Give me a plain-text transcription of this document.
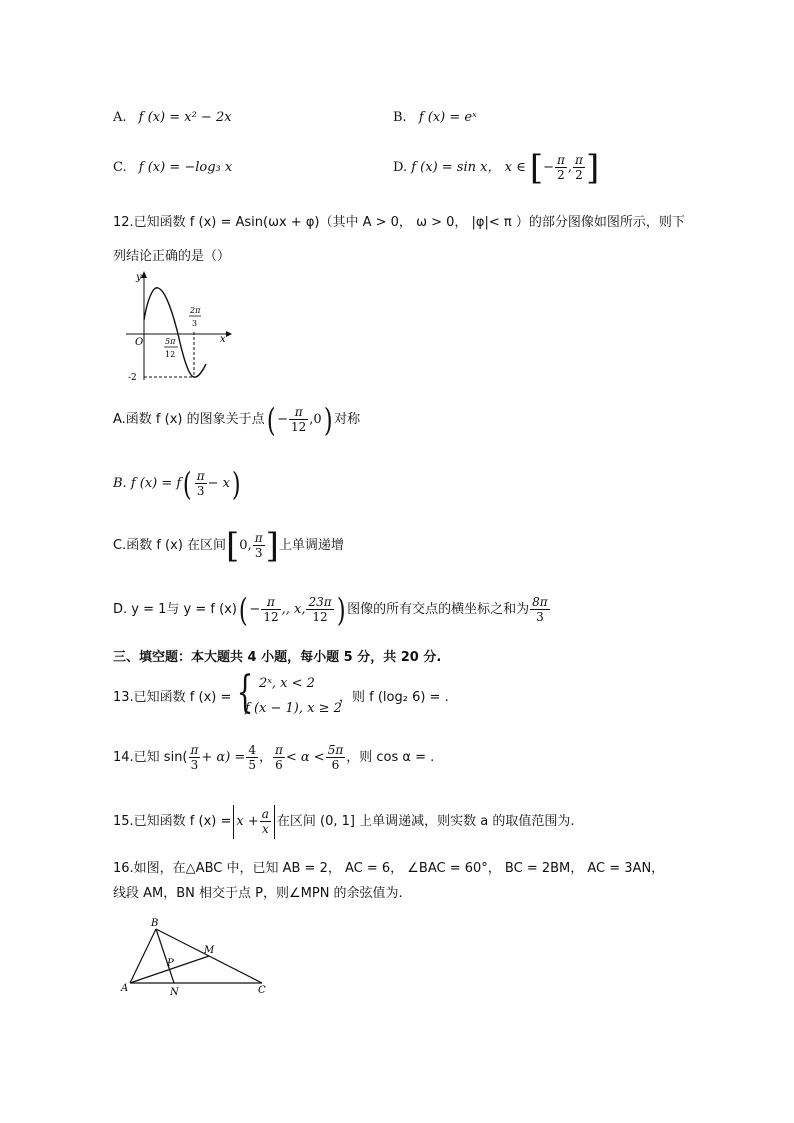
A. f (x) = x² − 2x	B. f (x) = eˣ
C. f (x) = −log₃ x	D. f (x) = sin x， x ∈ [− $\frac{\pi}{2}$ , $\frac{\pi}{2}$ ]
12.已知函数 f (x) = Asin(ωx + φ)（其中 A > 0， ω > 0， |φ|< π ）的部分图像如图所示，则下
列结论正确的是（）
y
x
O
2π
3
5π
12
-2
A.函数 f (x) 的图象关于点( − $\frac{\pi}{12} ,0$) 对称
B. f $(x) = f( \frac{\pi}{3} - x)$
C.函数 f (x) 在区间[0, $\frac{\pi}{3}$ ]上单调递增
D. y = 1与 y = f $(x)( - \frac{\pi}{12}$ ,, x, $\frac{23\pi}{12}$ ) 图像的所有交点的横坐标之和为 $\frac{8\pi}{3}$
三、填空题：本大题共 4 小题，每小题 5 分，共 20 分.
13.已知函数 f (x) = { 2ˣ, x < 2
f (x − 1), x ≥ 2
，则 f (log₂ 6) = .
14.已知 $\sin( \frac{\pi}{3} + \alpha) = \frac{4}{5}$ ， $\frac{\pi}{6} < \alpha < \frac{5\pi}{6}$ ，则 cos α = .
15.已知函数 f $(x) = x + \frac{a}{x}$ 在区间 (0, 1] 上单调递减，则实数 a 的取值范围为.
16.如图，在△ABC 中，已知 AB = 2， AC = 6， ∠BAC = 60°， BC = 2BM， AC = 3AN，
线段 AM，BN 相交于点 P，则∠MPN 的余弦值为.
A
B
C
M
N
P
